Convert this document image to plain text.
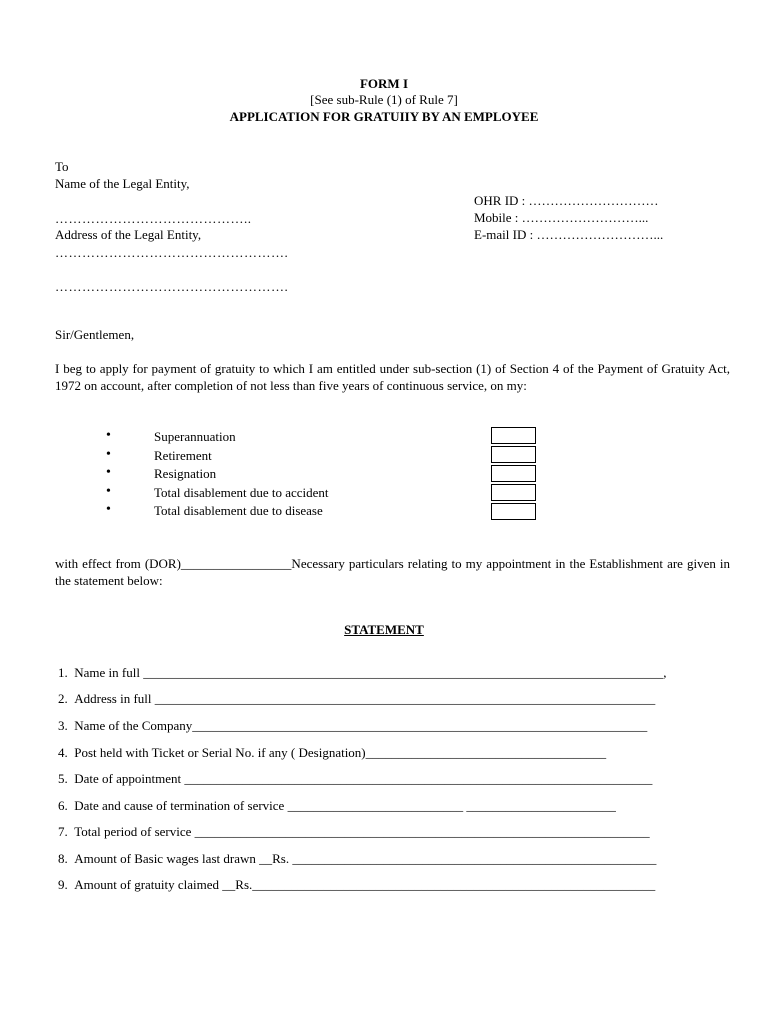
FORM I
[See sub-Rule (1) of Rule 7]
APPLICATION FOR GRATUIIY BY AN EMPLOYEE
To
Name of the Legal Entity,
……………………………………..
Address of the Legal Entity,
…………………………………………….
…………………………………………….
OHR ID : …………………………
Mobile : ………………………...
E-mail ID : ………………………...
Sir/Gentlemen,
I beg to apply for payment of gratuity to which I am entitled under sub-section (1) of Section 4 of the Payment of Gratuity Act, 1972 on account, after completion of not less than five years of continuous service, on my:
•	Superannuation
•	Retirement
•	Resignation
•	Total disablement due to accident
•	Total disablement due to disease
with effect from (DOR)_________________Necessary particulars relating to my appointment in the Establishment are given in the statement below:
STATEMENT
1. Name in full ________________________________________________________________________________,
2. Address in full _____________________________________________________________________________
3. Name of the Company______________________________________________________________________
4. Post held with Ticket or Serial No. if any ( Designation)_____________________________________
5. Date of appointment ________________________________________________________________________
6. Date and cause of termination of service ___________________________ _______________________
7. Total period of service ______________________________________________________________________
8. Amount of Basic wages last drawn __Rs. ________________________________________________________
9. Amount of gratuity claimed __Rs.______________________________________________________________
